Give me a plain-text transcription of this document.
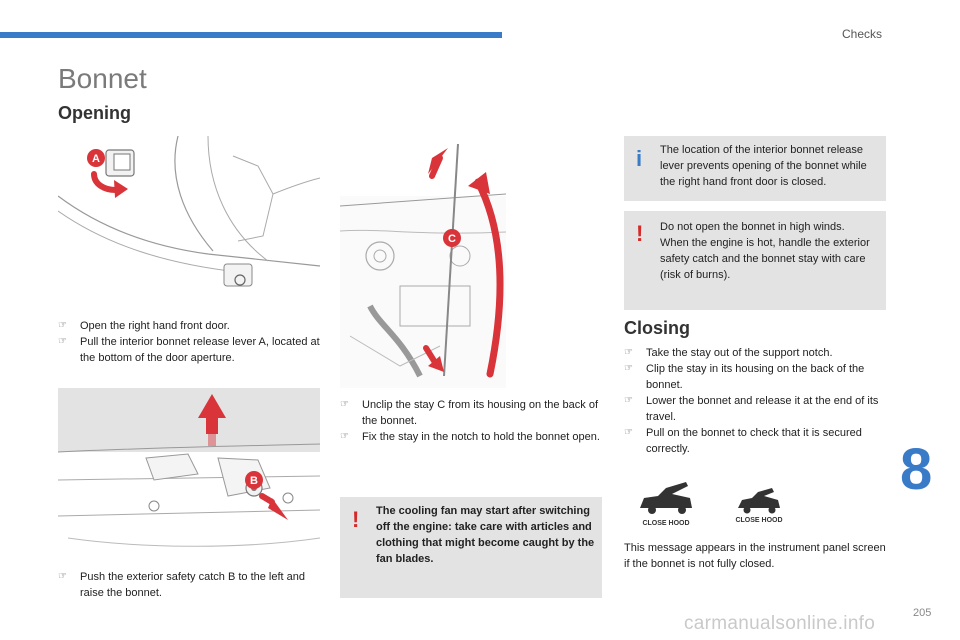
Checks
Bonnet
Opening
A
☞	Open the right hand front door.
☞	Pull the interior bonnet release lever A, located at the bottom of the door aperture.
B
☞	Push the exterior safety catch B to the left and raise the bonnet.
C
☞	Unclip the stay C from its housing on the back of the bonnet.
☞	Fix the stay in the notch to hold the bonnet open.
! The cooling fan may start after switching off the engine: take care with articles and clothing that might become caught by the fan blades.
i The location of the interior bonnet release lever prevents opening of the bonnet while the right hand front door is closed.
! Do not open the bonnet in high winds. When the engine is hot, handle the exterior safety catch and the bonnet stay with care (risk of burns).
Closing
☞	Take the stay out of the support notch.
☞	Clip the stay in its housing on the back of the bonnet.
☞	Lower the bonnet and release it at the end of its travel.
☞	Pull on the bonnet to check that it is secured correctly.
CLOSE HOOD	CLOSE HOOD
This message appears in the instrument panel screen if the bonnet is not fully closed.
8
205
carmanualsonline.info
